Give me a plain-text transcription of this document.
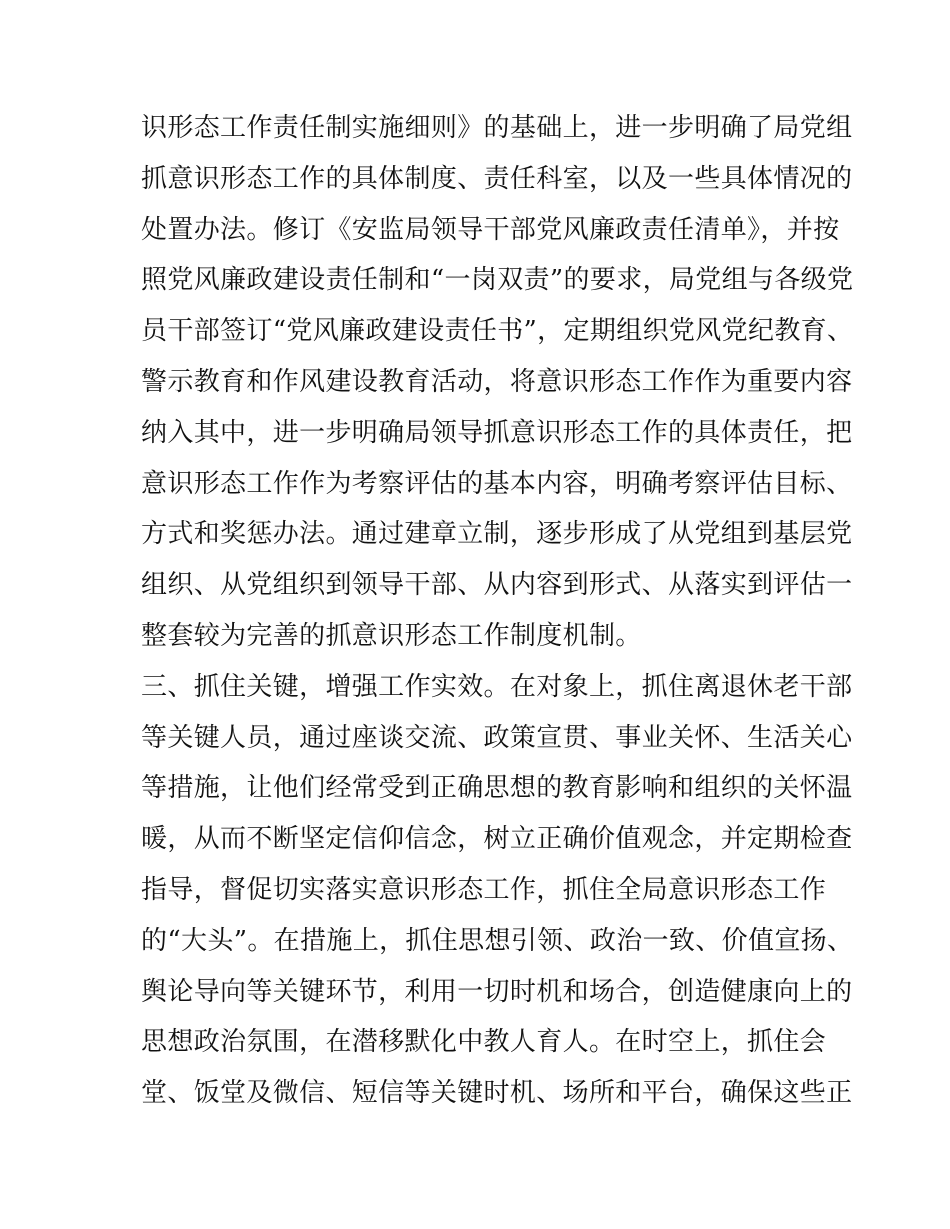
识形态工作责任制实施细则》的基础上，进一步明确了局党组
抓意识形态工作的具体制度、责任科室，以及一些具体情况的
处置办法。修订《安监局领导干部党风廉政责任清单》，并按
照党风廉政建设责任制和“一岗双责”的要求，局党组与各级党
员干部签订“党风廉政建设责任书”，定期组织党风党纪教育、
警示教育和作风建设教育活动，将意识形态工作作为重要内容
纳入其中，进一步明确局领导抓意识形态工作的具体责任，把
意识形态工作作为考察评估的基本内容，明确考察评估目标、
方式和奖惩办法。通过建章立制，逐步形成了从党组到基层党
组织、从党组织到领导干部、从内容到形式、从落实到评估一
整套较为完善的抓意识形态工作制度机制。
三、抓住关键，增强工作实效。在对象上，抓住离退休老干部
等关键人员，通过座谈交流、政策宣贯、事业关怀、生活关心
等措施，让他们经常受到正确思想的教育影响和组织的关怀温
暖，从而不断坚定信仰信念，树立正确价值观念，并定期检查
指导，督促切实落实意识形态工作，抓住全局意识形态工作
的“大头”。在措施上，抓住思想引领、政治一致、价值宣扬、
舆论导向等关键环节，利用一切时机和场合，创造健康向上的
思想政治氛围，在潜移默化中教人育人。在时空上，抓住会
堂、饭堂及微信、短信等关键时机、场所和平台，确保这些正
